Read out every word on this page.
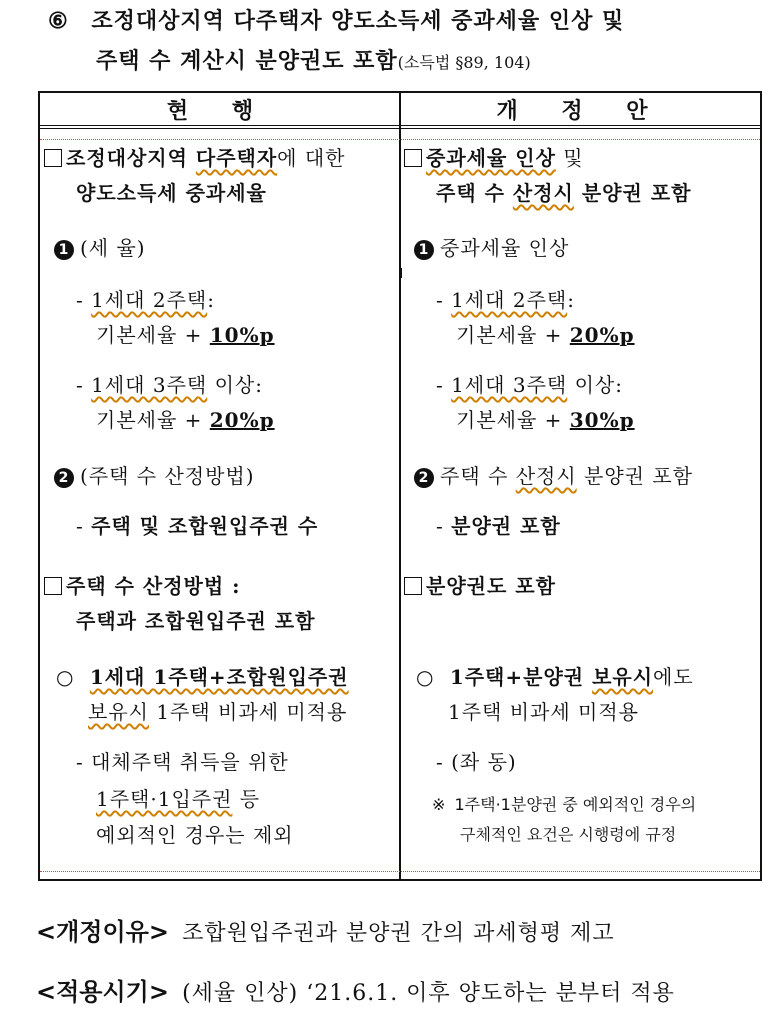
⑥ 조정대상지역 다주택자 양도소득세 중과세율 인상 및
주택 수 계산시 분양권도 포함(소득법 §89, 104)
현 행	개 정 안
조정대상지역 다주택자에 대한
양도소득세 중과세율
1 (세 율)
- 1세대 2주택:
기본세율 + 10%p
- 1세대 3주택 이상:
기본세율 + 20%p
2 (주택 수 산정방법)
- 주택 및 조합원입주권 수
주택 수 산정방법 :
주택과 조합원입주권 포함
○ 1세대 1주택+조합원입주권
보유시 1주택 비과세 미적용
- 대체주택 취득을 위한
1주택·1입주권 등
예외적인 경우는 제외
중과세율 인상 및
주택 수 산정시 분양권 포함
1 중과세율 인상
- 1세대 2주택:
기본세율 + 20%p
- 1세대 3주택 이상:
기본세율 + 30%p
2 주택 수 산정시 분양권 포함
- 분양권 포함
분양권도 포함
○ 1주택+분양권 보유시에도
1주택 비과세 미적용
- (좌 동)
※ 1주택·1분양권 중 예외적인 경우의
구체적인 요건은 시행령에 규정
<개정이유> 조합원입주권과 분양권 간의 과세형평 제고
<적용시기> (세율 인상) ‘21.6.1. 이후 양도하는 분부터 적용
